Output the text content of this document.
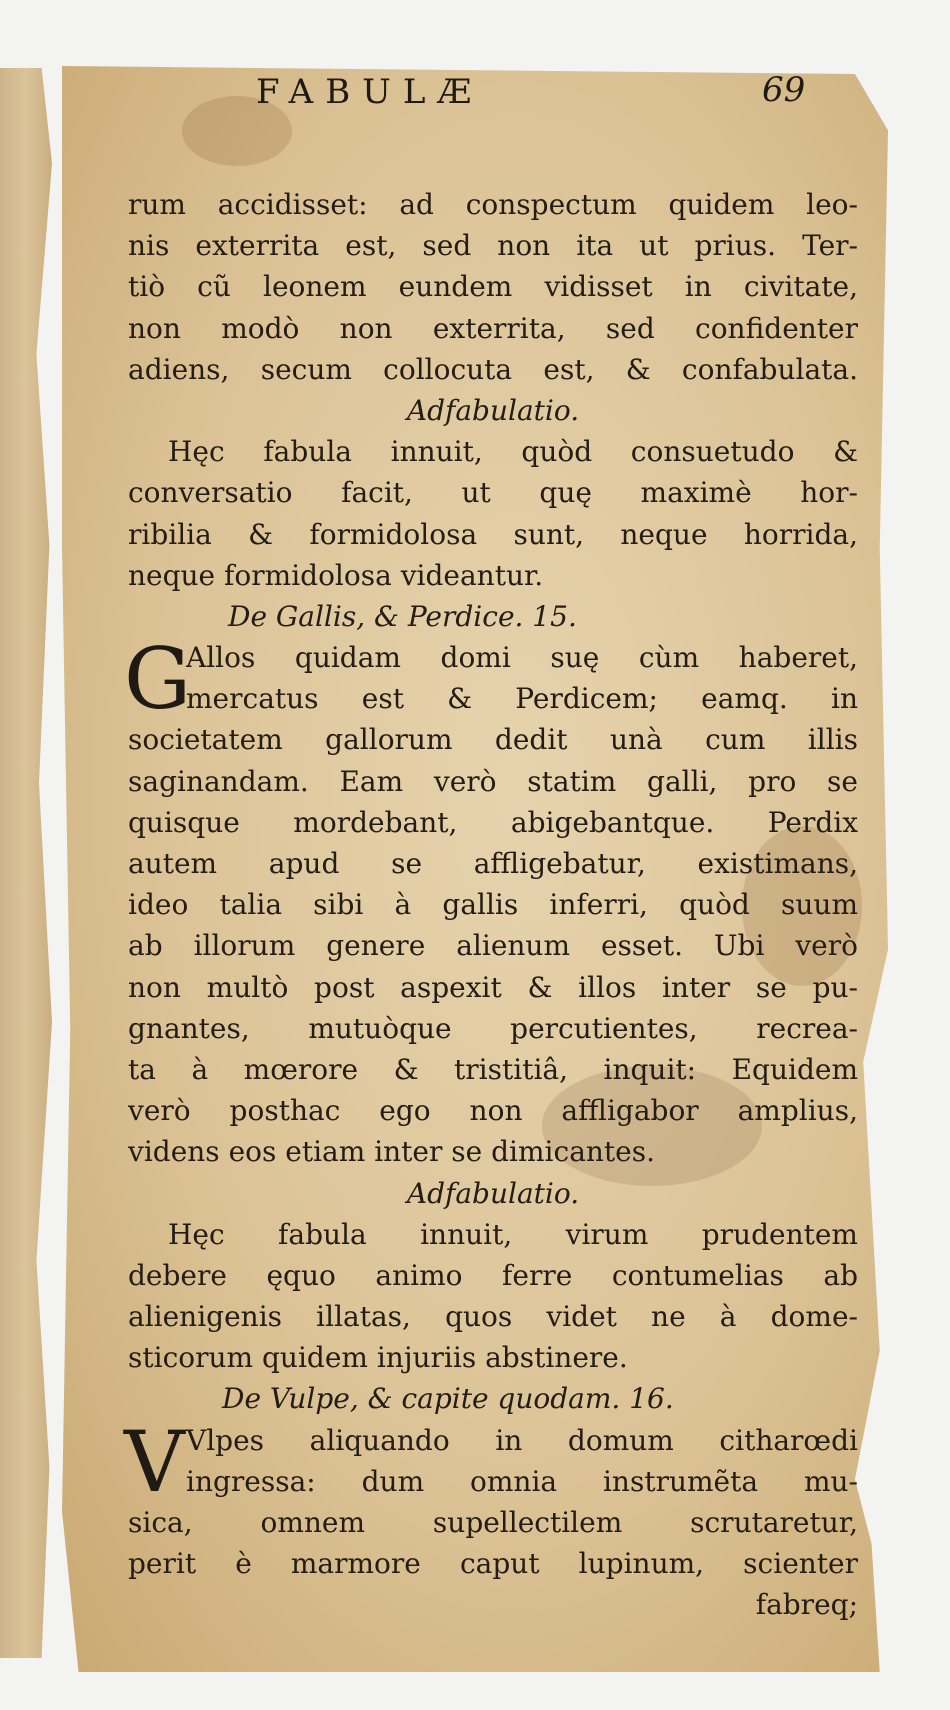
FABULÆ	69
rum accidisset: ad conspectum quidem leo-
nis exterrita est, sed non ita ut prius. Ter-
tiò cũ leonem eundem vidisset in civitate,
non modò non exterrita, sed confidenter
adiens, secum collocuta est, & confabulata.
Adfabulatio.
Hęc fabula innuit, quòd consuetudo &
conversatio facit, ut quę maximè hor-
ribilia & formidolosa sunt, neque horrida,
neque formidolosa videantur.
De Gallis, & Perdice. 15.
G
Allos quidam domi suę cùm haberet,
mercatus est & Perdicem; eamq. in
societatem gallorum dedit unà cum illis
saginandam. Eam verò statim galli, pro se
quisque mordebant, abigebantque. Perdix
autem apud se affligebatur, existimans,
ideo talia sibi à gallis inferri, quòd suum
ab illorum genere alienum esset. Ubi verò
non multò post aspexit & illos inter se pu-
gnantes, mutuòque percutientes, recrea-
ta à mœrore & tristitiâ, inquit: Equidem
verò posthac ego non affligabor amplius,
videns eos etiam inter se dimicantes.
Adfabulatio.
Hęc fabula innuit, virum prudentem
debere ęquo animo ferre contumelias ab
alienigenis illatas, quos videt ne à dome-
sticorum quidem injuriis abstinere.
De Vulpe, & capite quodam. 16.
V Vlpes aliquando in domum citharœdi
ingressa: dum omnia instrumẽta mu-
sica, omnem supellectilem scrutaretur,
perit è marmore caput lupinum, scienter
fabreq;
